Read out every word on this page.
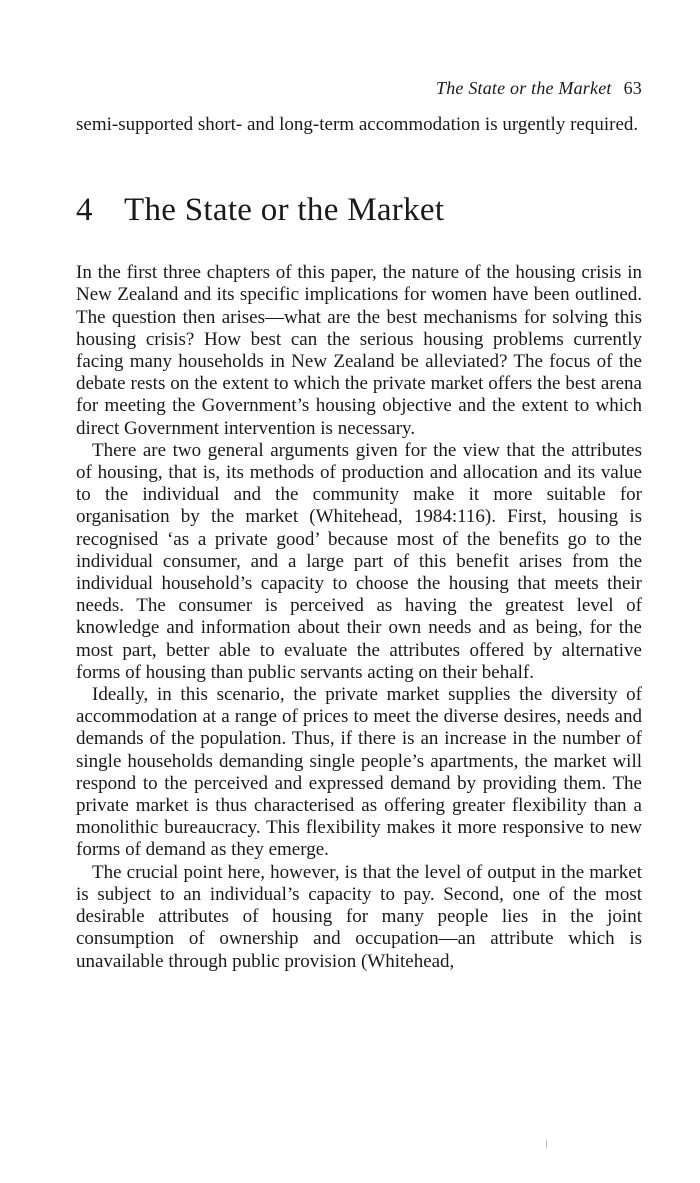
The State or the Market 63

semi-supported short- and long-term accommodation is urgently required.

4 The State or the Market

In the first three chapters of this paper, the nature of the housing crisis in New Zealand and its specific implications for women have been outlined. The question then arises—what are the best mechanisms for solving this housing crisis? How best can the serious housing problems currently facing many households in New Zealand be alleviated? The focus of the debate rests on the extent to which the private market offers the best arena for meeting the Government’s housing objective and the extent to which direct Government intervention is necessary.

There are two general arguments given for the view that the attributes of housing, that is, its methods of production and allocation and its value to the individual and the community make it more suitable for organisation by the market (Whitehead, 1984:116). First, housing is recognised ‘as a private good’ because most of the benefits go to the individual consumer, and a large part of this benefit arises from the individual household’s capacity to choose the housing that meets their needs. The consumer is perceived as having the greatest level of knowledge and information about their own needs and as being, for the most part, better able to evaluate the attributes offered by alternative forms of housing than public servants acting on their behalf.

Ideally, in this scenario, the private market supplies the diversity of accommodation at a range of prices to meet the diverse desires, needs and demands of the population. Thus, if there is an increase in the number of single households demanding single people’s apartments, the market will respond to the perceived and expressed demand by providing them. The private market is thus characterised as offering greater flexibility than a monolithic bureaucracy. This flexibility makes it more responsive to new forms of demand as they emerge.

The crucial point here, however, is that the level of output in the market is subject to an individual’s capacity to pay. Second, one of the most desirable attributes of housing for many people lies in the joint consumption of ownership and occupation—an attribute which is unavailable through public provision (Whitehead,
